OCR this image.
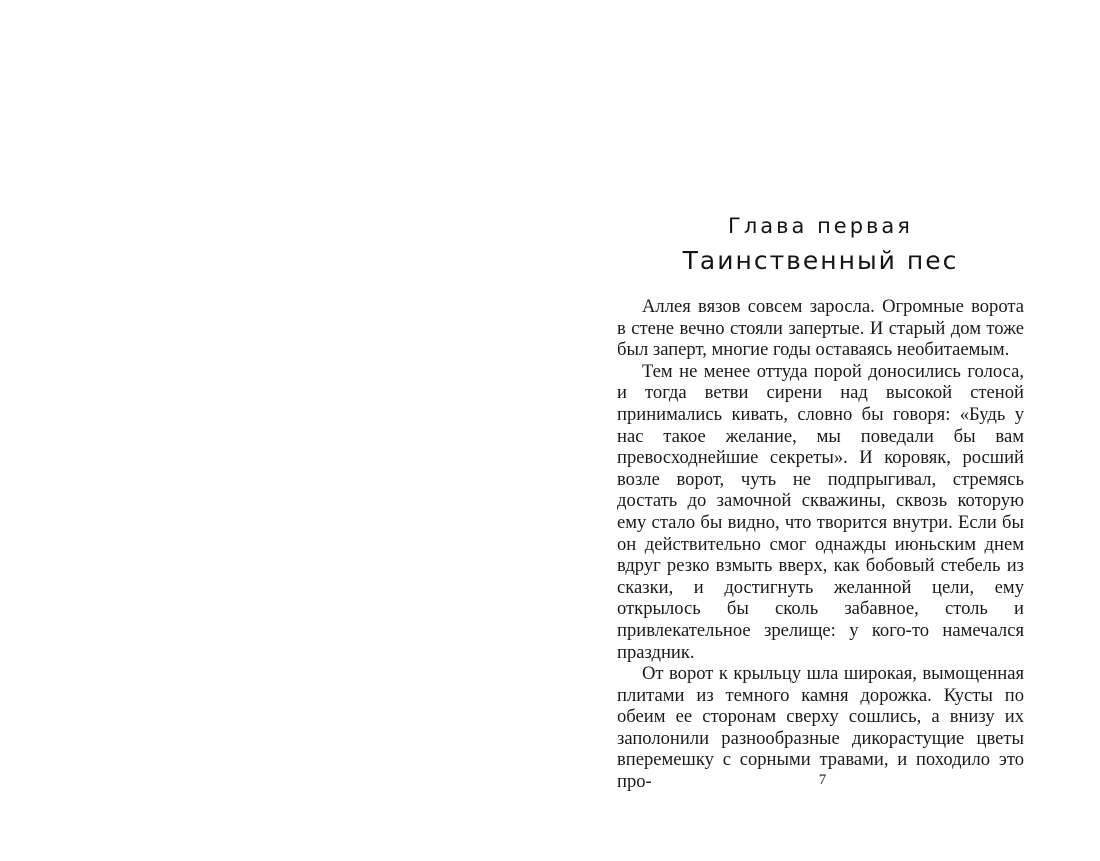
Глава первая
Таинственный пес

Аллея вязов совсем заросла. Огромные ворота в стене вечно стояли запертые. И старый дом тоже был заперт, многие годы оставаясь необитаемым.

Тем не менее оттуда порой доносились голоса, и тогда ветви сирени над высокой стеной принимались кивать, словно бы говоря: «Будь у нас такое желание, мы поведали бы вам превосходнейшие секреты». И коровяк, росший возле ворот, чуть не подпрыгивал, стремясь достать до замочной скважины, сквозь которую ему стало бы видно, что творится внутри. Если бы он действительно смог однажды июньским днем вдруг резко взмыть вверх, как бобовый стебель из сказки, и достигнуть желанной цели, ему открылось бы сколь забавное, столь и привлекательное зрелище: у кого-то намечался праздник.

От ворот к крыльцу шла широкая, вымощенная плитами из темного камня дорожка. Кусты по обеим ее сторонам сверху сошлись, а внизу их заполонили разнообразные дикорастущие цветы вперемешку с сорными травами, и походило это про-	7
